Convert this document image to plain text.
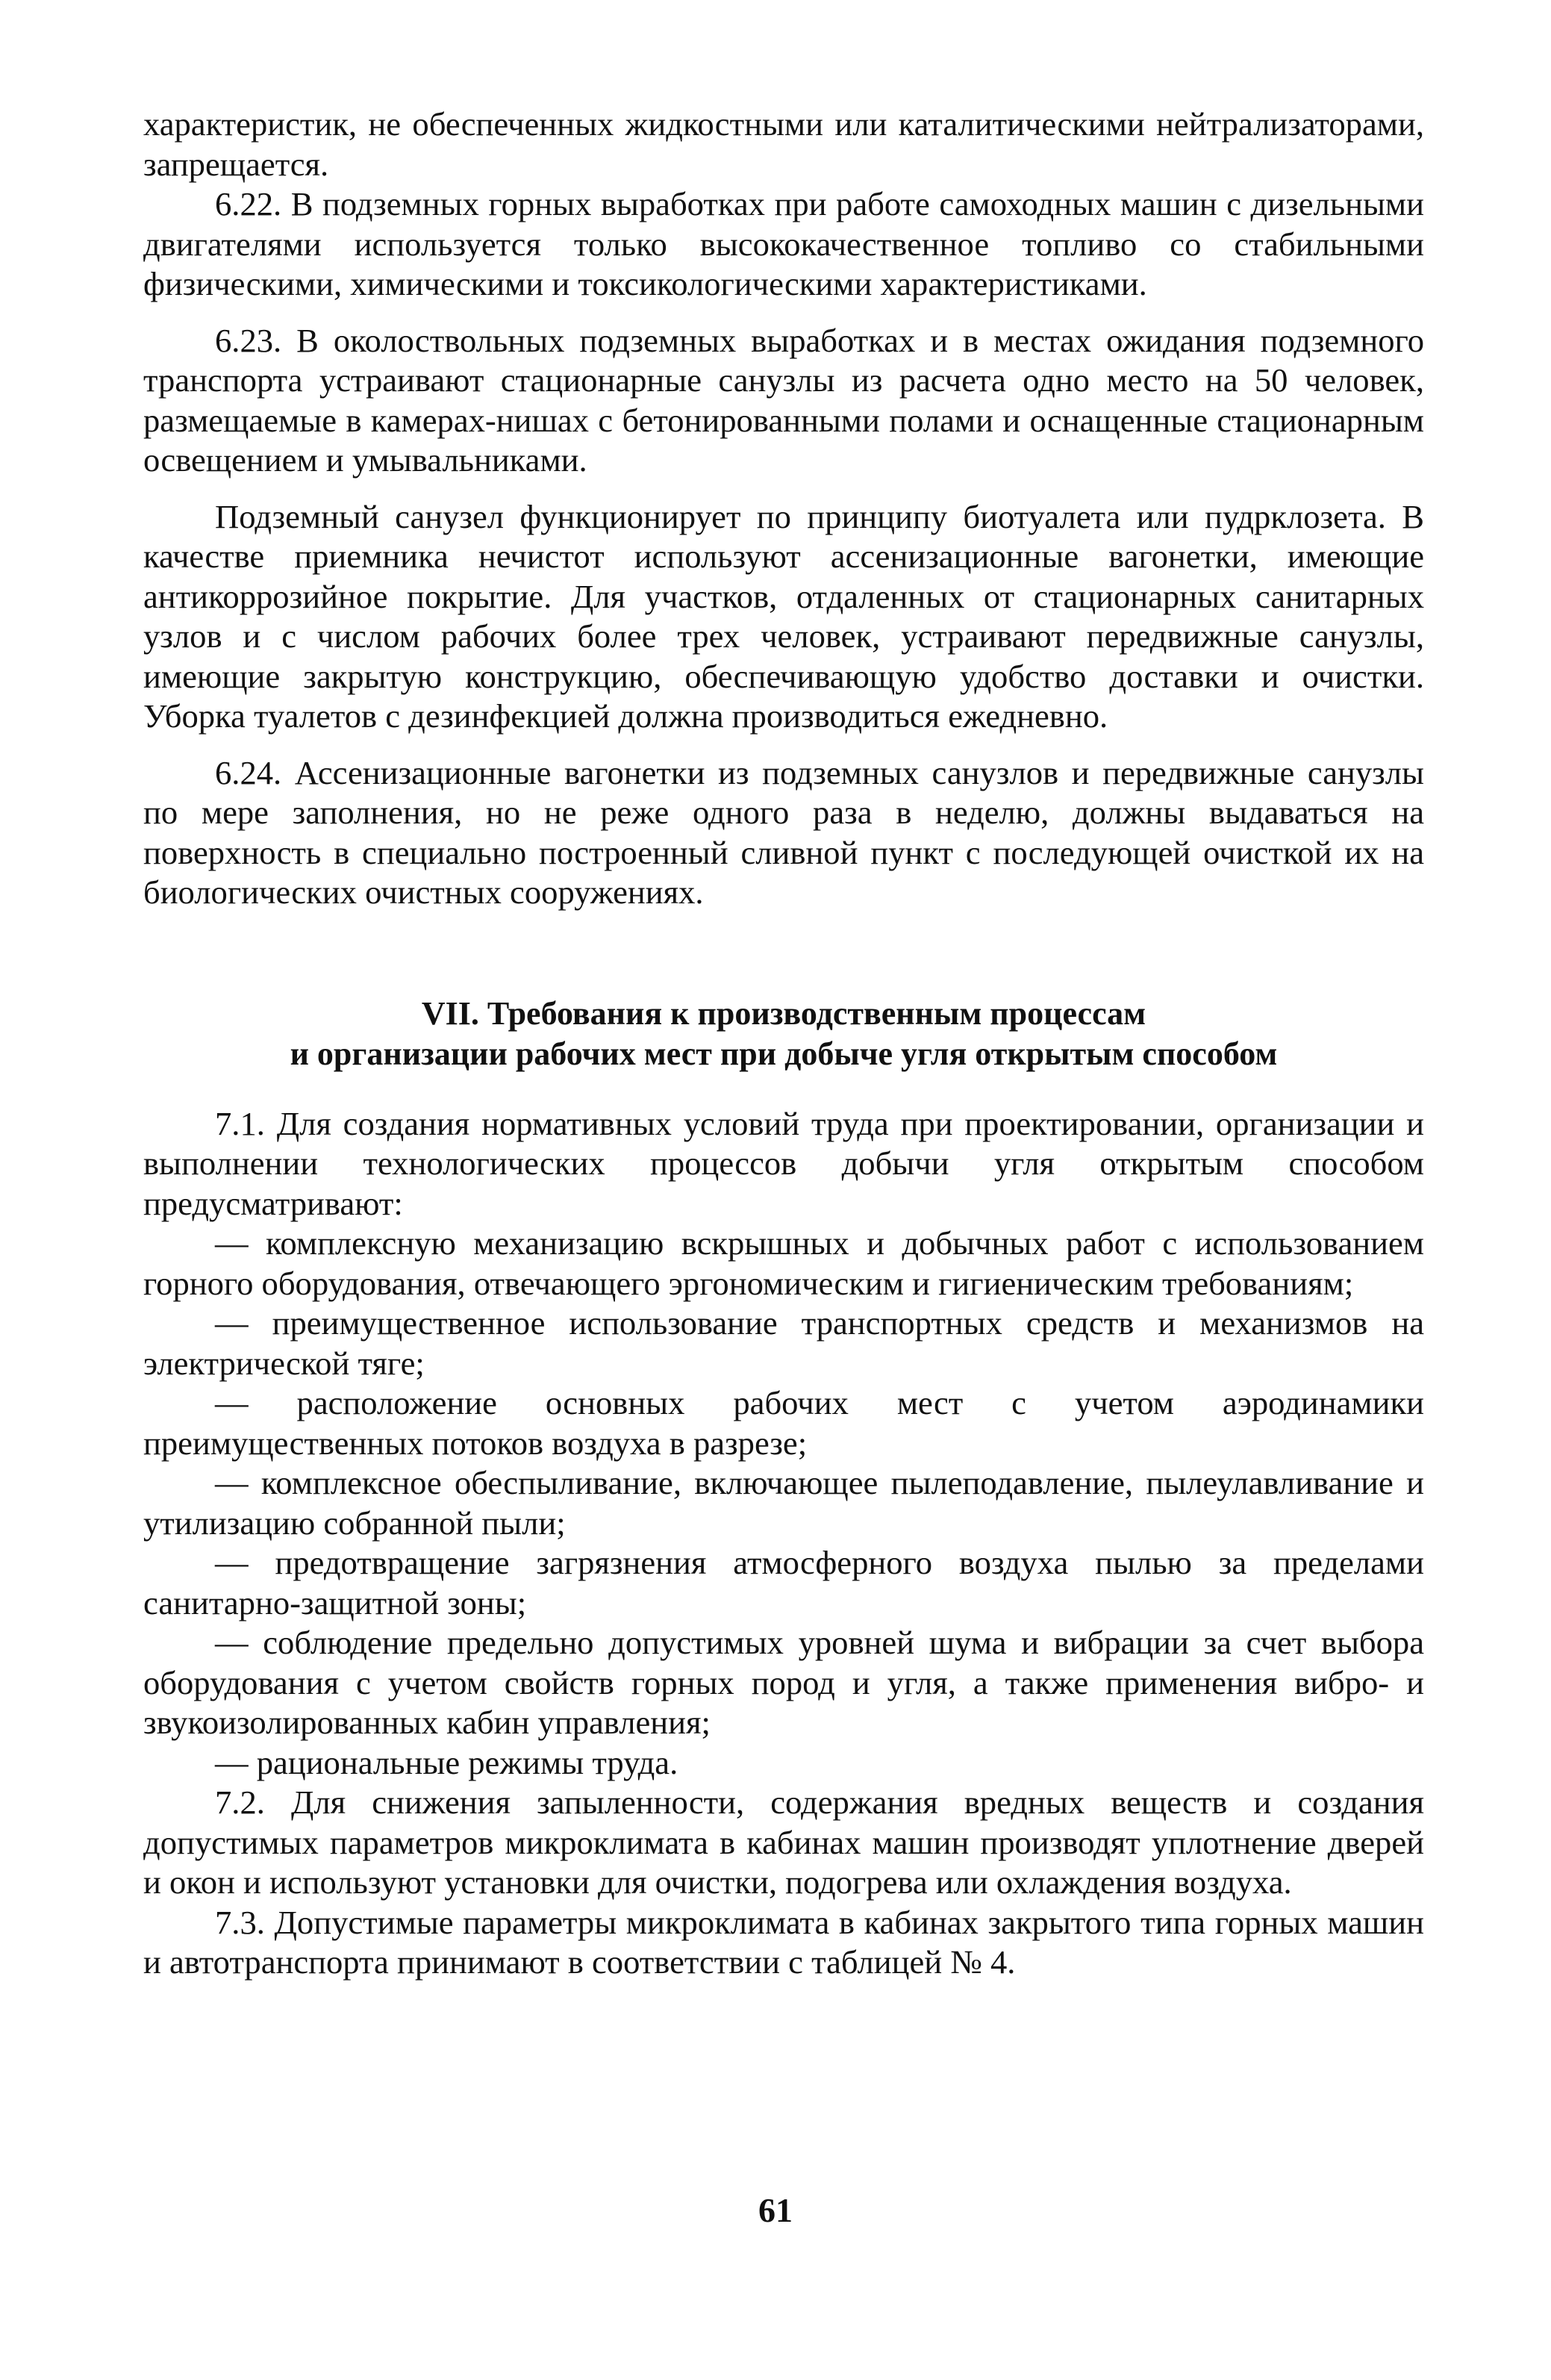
характеристик, не обеспеченных жидкостными или каталитическими нейтрализаторами, запрещается.

6.22. В подземных горных выработках при работе самоходных машин с дизельными двигателями используется только высококачественное топливо со стабильными физическими, химическими и токсикологическими характеристиками.

6.23. В околоствольных подземных выработках и в местах ожидания подземного транспорта устраивают стационарные санузлы из расчета одно место на 50 человек, размещаемые в камерах-нишах с бетонированными полами и оснащенные стационарным освещением и умывальниками.

Подземный санузел функционирует по принципу биотуалета или пудрклозета. В качестве приемника нечистот используют ассенизационные вагонетки, имеющие антикоррозийное покрытие. Для участков, отдаленных от стационарных санитарных узлов и с числом рабочих более трех человек, устраивают передвижные санузлы, имеющие закрытую конструкцию, обеспечивающую удобство доставки и очистки. Уборка туалетов с дезинфекцией должна производиться ежедневно.

6.24. Ассенизационные вагонетки из подземных санузлов и передвижные санузлы по мере заполнения, но не реже одного раза в неделю, должны выдаваться на поверхность в специально построенный сливной пункт с последующей очисткой их на биологических очистных сооружениях.

VII. Требования к производственным процессам
и организации рабочих мест при добыче угля открытым способом

7.1. Для создания нормативных условий труда при проектировании, организации и выполнении технологических процессов добычи угля открытым способом предусматривают:

— комплексную механизацию вскрышных и добычных работ с использованием горного оборудования, отвечающего эргономическим и гигиеническим требованиям;

— преимущественное использование транспортных средств и механизмов на электрической тяге;

— расположение основных рабочих мест с учетом аэродинамики преимущественных потоков воздуха в разрезе;

— комплексное обеспыливание, включающее пылеподавление, пылеулавливание и утилизацию собранной пыли;

— предотвращение загрязнения атмосферного воздуха пылью за пределами санитарно-защитной зоны;

— соблюдение предельно допустимых уровней шума и вибрации за счет выбора оборудования с учетом свойств горных пород и угля, а также применения вибро- и звукоизолированных кабин управления;

— рациональные режимы труда.

7.2. Для снижения запыленности, содержания вредных веществ и создания допустимых параметров микроклимата в кабинах машин производят уплотнение дверей и окон и используют установки для очистки, подогрева или охлаждения воздуха.

7.3. Допустимые параметры микроклимата в кабинах закрытого типа горных машин и автотранспорта принимают в соответствии с таблицей № 4.

61
